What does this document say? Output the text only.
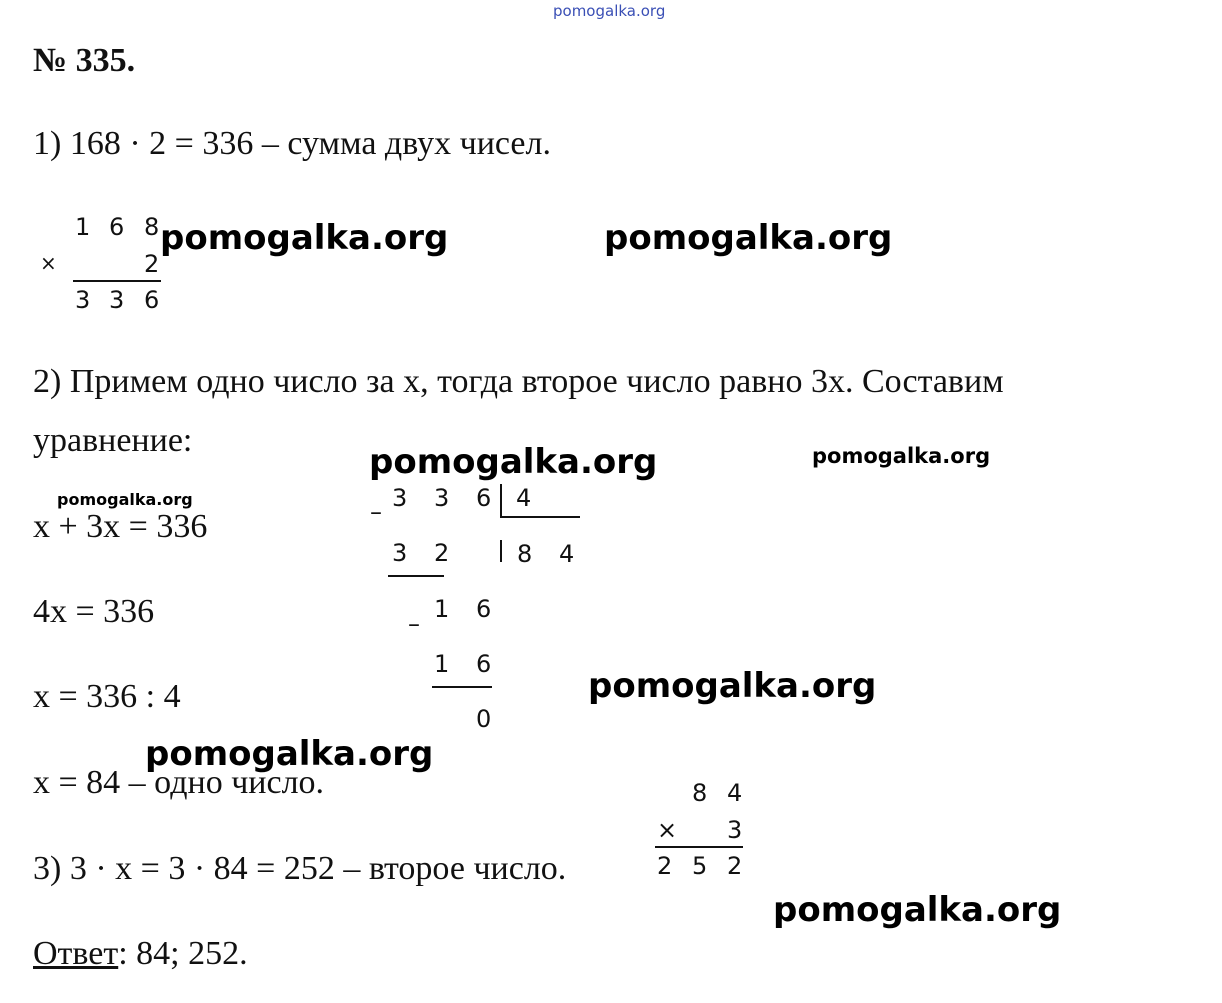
pomogalka.org
№ 335.
1) 168 · 2 = 336 – сумма двух чисел.
1 6 8
×	2
3 3 6
2) Примем одно число за x, тогда второе число равно 3x. Составим
уравнение:
x + 3x = 336
4x = 336
x = 336 : 4
x = 84 – одно число.
– 3 3 6 4
8 4
3 2
–
1 6
1 6
0
8 4
× 3
2 5 2
3) 3 · x = 3 · 84 = 252 – второе число.
Ответ: 84; 252.
pomogalka.org	pomogalka.org
pomogalka.org	pomogalka.org
pomogalka.org
pomogalka.org
pomogalka.org
pomogalka.org
